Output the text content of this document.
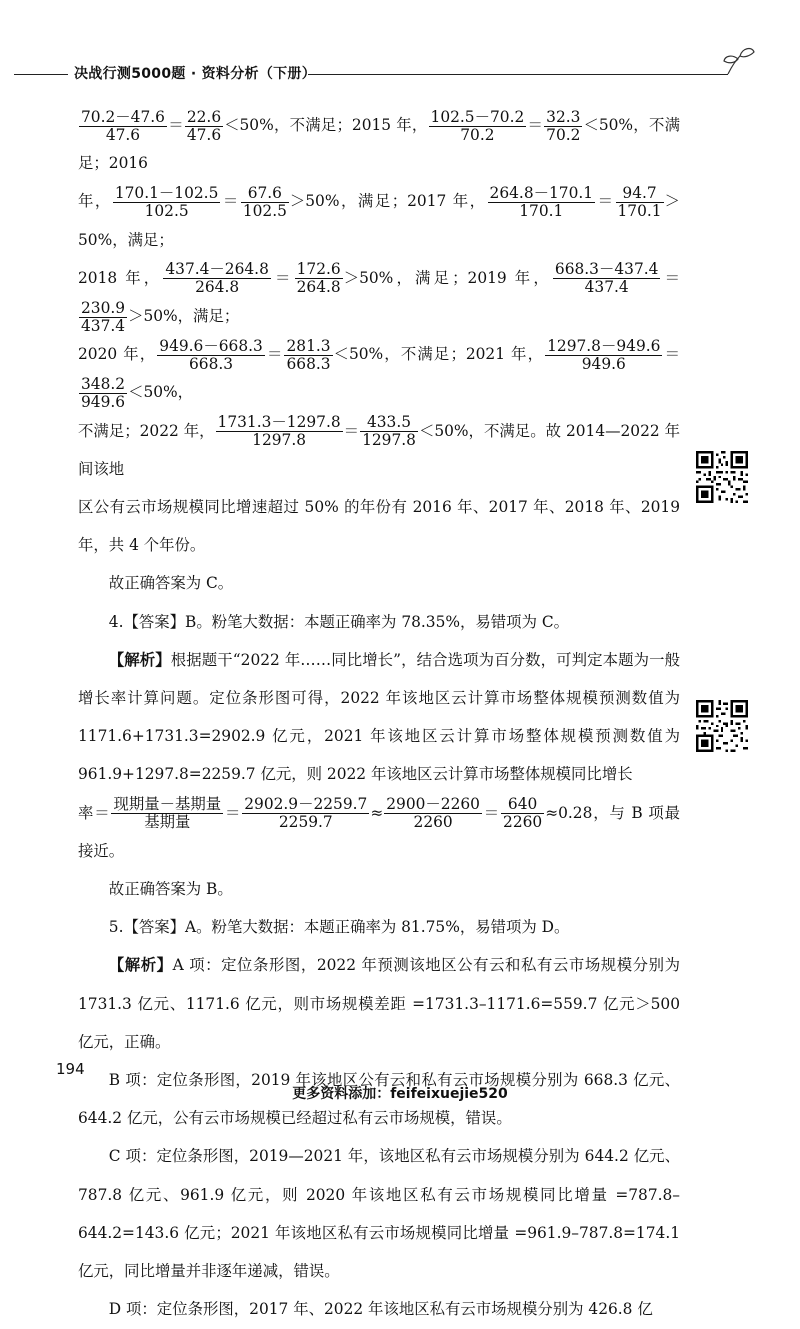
决战行测5000题 · 资料分析（下册）

$\frac{70.2-47.6}{47.6} = \frac{22.6}{47.6} <50\%$，不满足；2015 年， $\frac{102.5-70.2}{70.2} = \frac{32.3}{70.2} <50\%$，不满足；2016

年， $\frac{170.1-102.5}{102.5} = \frac{67.6}{102.5} >50\%$，满足；2017 年， $\frac{264.8-170.1}{170.1} = \frac{94.7}{170.1} >50\%$，满足；

2018 年， $\frac{437.4-264.8}{264.8} = \frac{172.6}{264.8} >50\%$，满足；2019 年， $\frac{668.3-437.4}{437.4}$ ＝
$\frac{230.9}{437.4} >50\%$，满足；

2020 年， $\frac{949.6-668.3}{668.3} = \frac{281.3}{668.3} <50\%$，不满足；2021 年， $\frac{1297.8-949.6}{949.6}$ ＝
$\frac{348.2}{949.6} <50\%$，

不满足；2022 年， $\frac{1731.3-1297.8}{1297.8} = \frac{433.5}{1297.8} <50\%$，不满足。故 2014—2022 年间该地

区公有云市场规模同比增速超过 50% 的年份有 2016 年、2017 年、2018 年、2019 年，共 4 个年份。

故正确答案为 C。

4.【答案】B。粉笔大数据：本题正确率为 78.35%，易错项为 C。

【解析】根据题干“2022 年……同比增长”，结合选项为百分数，可判定本题为一般增长率计算问题。定位条形图可得，2022 年该地区云计算市场整体规模预测数值为 1171.6+1731.3=2902.9 亿元，2021 年该地区云计算市场整体规模预测数值为 961.9+1297.8=2259.7 亿元，则 2022 年该地区云计算市场整体规模同比增长

率＝ $\frac{\text{现期量－基期量}}{\text{基期量}} = \frac{2902.9-2259.7}{2259.7} \approx \frac{2900-2260}{2260} = \frac{640}{2260} \approx 0.28$，与 B 项最接近。

故正确答案为 B。

5.【答案】A。粉笔大数据：本题正确率为 81.75%，易错项为 D。

【解析】A 项：定位条形图，2022 年预测该地区公有云和私有云市场规模分别为 1731.3 亿元、1171.6 亿元，则市场规模差距 =1731.3–1171.6=559.7 亿元＞500 亿元，正确。

B 项：定位条形图，2019 年该地区公有云和私有云市场规模分别为 668.3 亿元、644.2 亿元，公有云市场规模已经超过私有云市场规模，错误。

C 项：定位条形图，2019—2021 年，该地区私有云市场规模分别为 644.2 亿元、787.8 亿元、961.9 亿元，则 2020 年该地区私有云市场规模同比增量 =787.8–644.2=143.6 亿元；2021 年该地区私有云市场规模同比增量 =961.9–787.8=174.1 亿元，同比增量并非逐年递减，错误。

D 项：定位条形图，2017 年、2022 年该地区私有云市场规模分别为 426.8 亿

194
更多资料添加：feifeixuejie520
